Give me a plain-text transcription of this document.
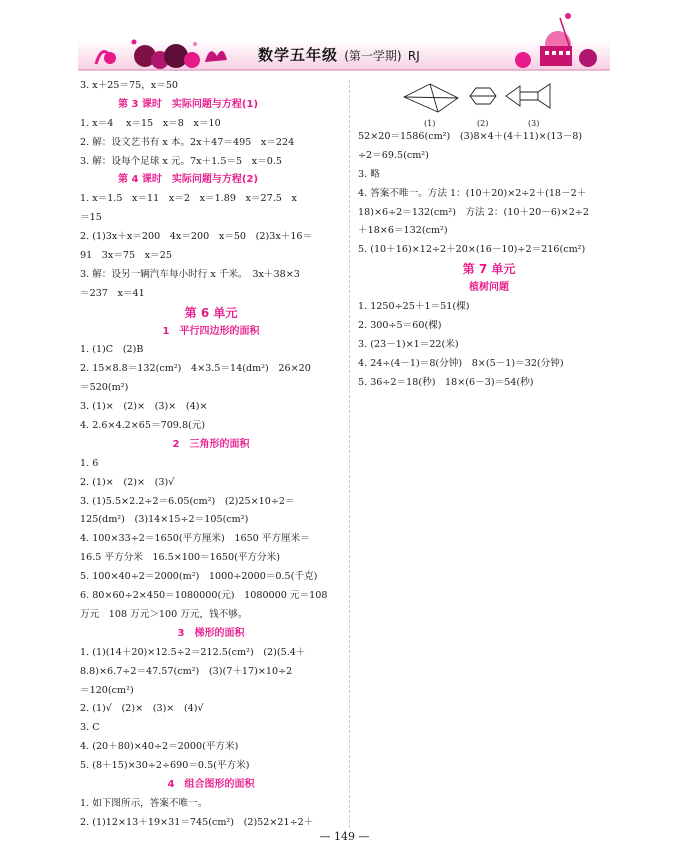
数学五年级 (第一学期) RJ
3. x＋25＝75，x＝50
第 3 课时　实际问题与方程(1)
1. x＝4　 x＝15　x＝8　x＝10
2. 解：设文艺书有 x 本。2x＋47＝495　x＝224
3. 解：设每个足球 x 元。7x＋1.5＝5　x＝0.5
第 4 课时　实际问题与方程(2)
1. x＝1.5　x＝11　x＝2　x＝1.89　x＝27.5　x
＝15
2. (1)3x＋x＝200　4x＝200　x＝50　(2)3x＋16＝
91　3x＝75　x＝25
3. 解：设另一辆汽车每小时行 x 千米。　3x＋38×3
＝237　x＝41
第 6 单元
1　平行四边形的面积
1. (1)C　(2)B
2. 15×8.8＝132(cm²)　4×3.5＝14(dm²)　26×20
＝520(m²)
3. (1)×　(2)×　(3)×　(4)×
4. 2.6×4.2×65＝709.8(元)
2　三角形的面积
1. 6
2. (1)×　(2)×　(3)√
3. (1)5.5×2.2÷2＝6.05(cm²)　(2)25×10÷2＝
125(dm²)　(3)14×15÷2＝105(cm²)
4. 100×33÷2＝1650(平方厘米)　1650 平方厘米＝
16.5 平方分米　16.5×100＝1650(平方分米)
5. 100×40÷2＝2000(m²)　1000÷2000＝0.5(千克)
6. 80×60÷2×450＝1080000(元)　1080000 元＝108
万元　108 万元＞100 万元，钱不够。
3　梯形的面积
1. (1)(14＋20)×12.5÷2＝212.5(cm²)　(2)(5.4＋
8.8)×6.7÷2＝47.57(cm²)　(3)(7＋17)×10÷2
＝120(cm²)
2. (1)√　(2)×　(3)×　(4)√
3. C
4. (20＋80)×40÷2＝2000(平方米)
5. (8＋15)×30÷2÷690＝0.5(平方米)
4　组合图形的面积
1. 如下图所示，答案不唯一。
2. (1)12×13＋19×31＝745(cm²)　(2)52×21÷2＋
(1)	(2)	(3)
52×20＝1586(cm²)　(3)8×4＋(4＋11)×(13－8)
÷2＝69.5(cm²)
3. 略
4. 答案不唯一。方法 1：(10＋20)×2÷2＋(18－2＋
18)×6÷2＝132(cm²)　方法 2：(10＋20－6)×2÷2
＋18×6＝132(cm²)
5. (10＋16)×12÷2＋20×(16－10)÷2＝216(cm²)
第 7 单元
植树问题
1. 1250÷25＋1＝51(棵)
2. 300÷5＝60(棵)
3. (23－1)×1＝22(米)
4. 24÷(4－1)＝8(分钟)　8×(5－1)＝32(分钟)
5. 36÷2＝18(秒)　18×(6－3)＝54(秒)
— 149 —
